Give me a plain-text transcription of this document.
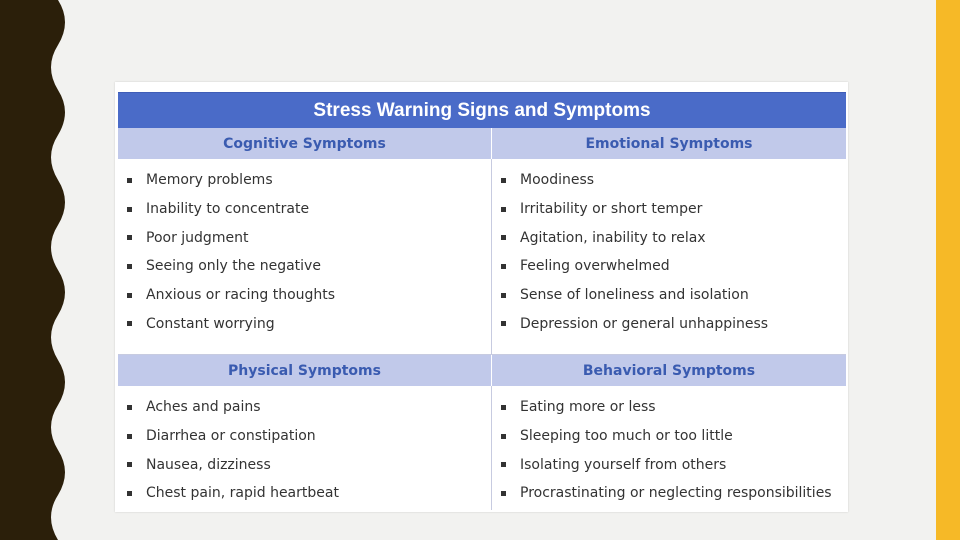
Stress Warning Signs and Symptoms
Cognitive Symptoms	Emotional Symptoms
Memory problems
Inability to concentrate
Poor judgment
Seeing only the negative
Anxious or racing thoughts
Constant worrying
Moodiness
Irritability or short temper
Agitation, inability to relax
Feeling overwhelmed
Sense of loneliness and isolation
Depression or general unhappiness
Physical Symptoms	Behavioral Symptoms
Aches and pains
Diarrhea or constipation
Nausea, dizziness
Chest pain, rapid heartbeat
Eating more or less
Sleeping too much or too little
Isolating yourself from others
Procrastinating or neglecting responsibilities
